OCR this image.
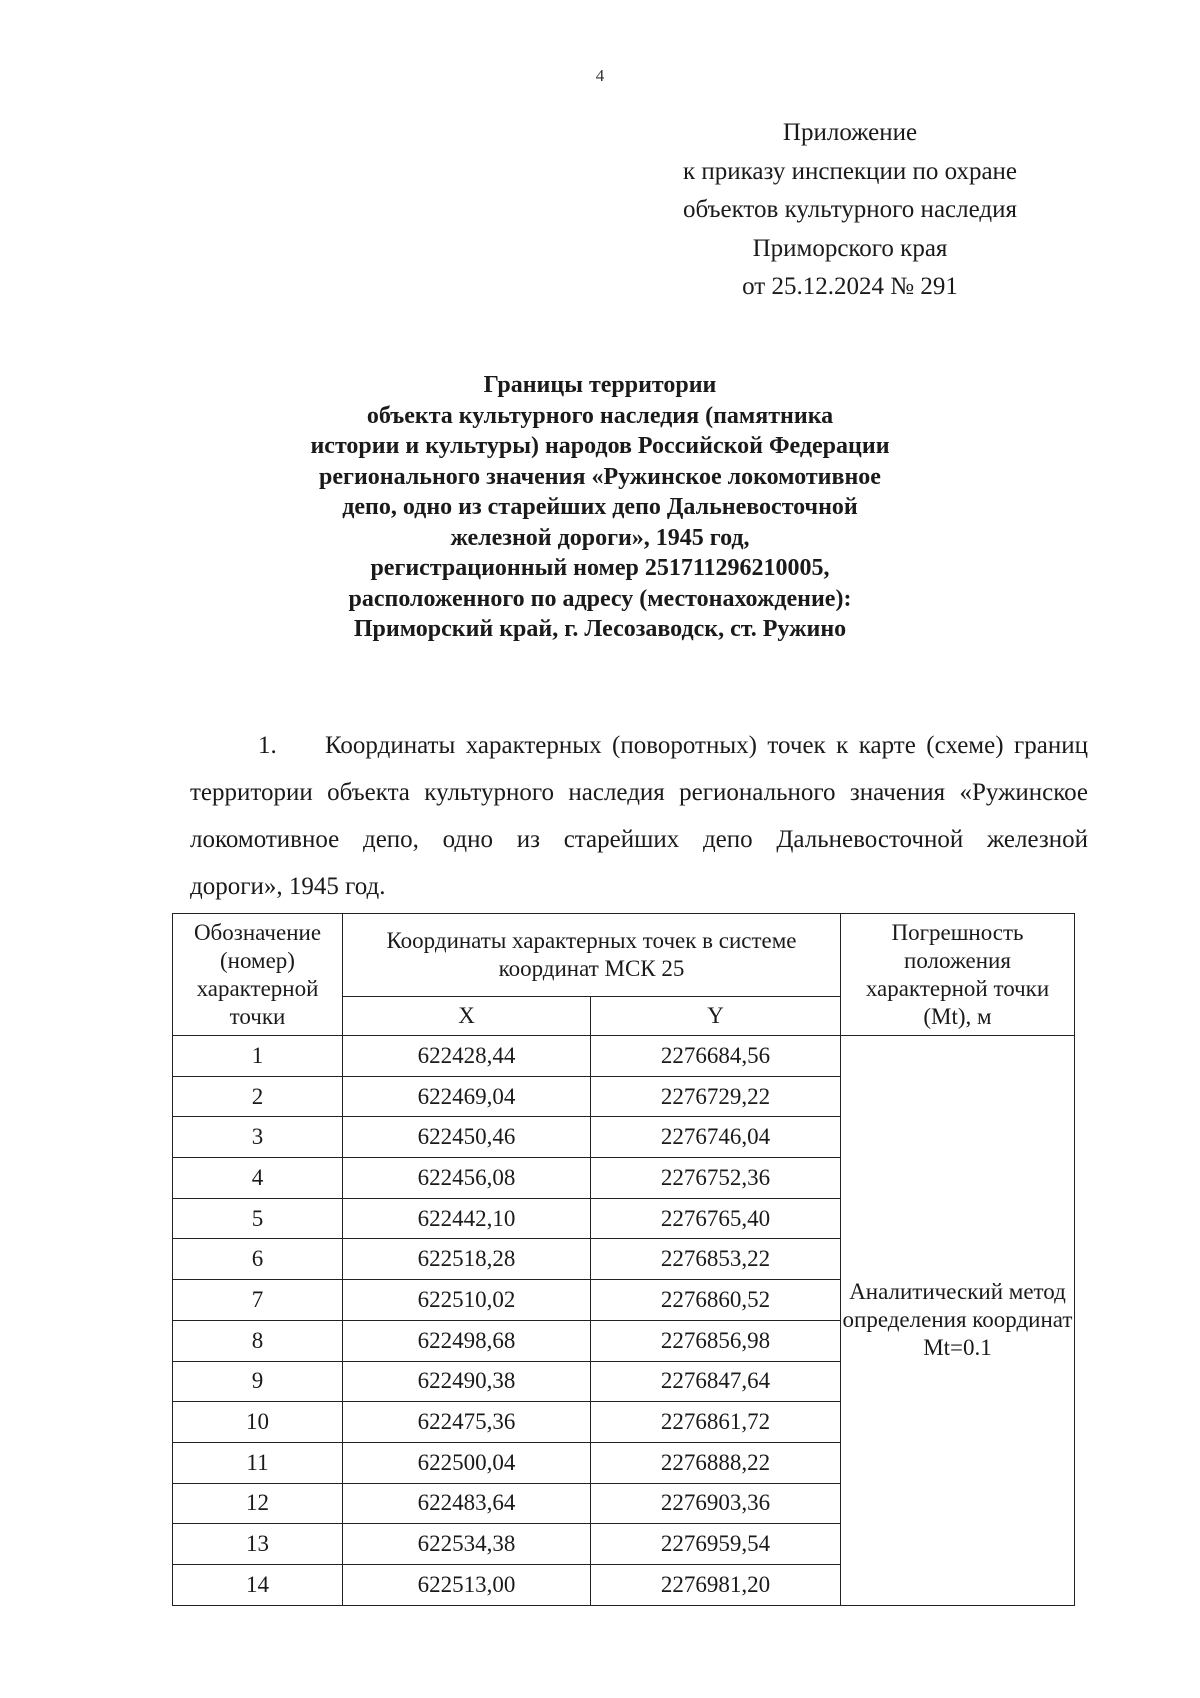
4
Приложение
к приказу инспекции по охране
объектов культурного наследия
Приморского края
от 25.12.2024 № 291
Границы территории
объекта культурного наследия (памятника
истории и культуры) народов Российской Федерации
регионального значения «Ружинское локомотивное
депо, одно из старейших депо Дальневосточной
железной дороги», 1945 год,
регистрационный номер 251711296210005,
расположенного по адресу (местонахождение):
Приморский край, г. Лесозаводск, ст. Ружино
1. Координаты характерных (поворотных) точек к карте (схеме) границ
территории объекта культурного наследия регионального значения «Ружинское
локомотивное депо, одно из старейших депо Дальневосточной железной
дороги», 1945 год.
Обозначение (номер) характерной точки	Координаты характерных точек в системе координат МСК 25		Погрешность положения характерной точки (Mt), м
	X	Y	
1	622428,44	2276684,56	Аналитический метод определения координат Mt=0.1
2	622469,04	2276729,22	
3	622450,46	2276746,04	
4	622456,08	2276752,36	
5	622442,10	2276765,40	
6	622518,28	2276853,22	
7	622510,02	2276860,52	
8	622498,68	2276856,98	
9	622490,38	2276847,64	
10	622475,36	2276861,72	
11	622500,04	2276888,22	
12	622483,64	2276903,36	
13	622534,38	2276959,54	
14	622513,00	2276981,20	
